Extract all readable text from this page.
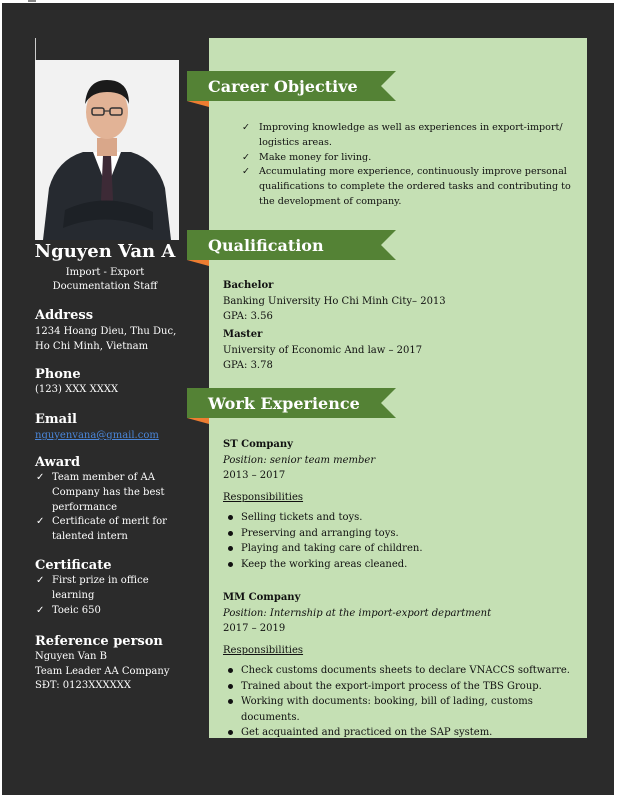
Nguyen Van A
Import - Export
Documentation Staff
Address
1234 Hoang Dieu, Thu Duc,
Ho Chi Minh, Vietnam
Phone
(123) XXX XXXX
Email
nguyenvana@gmail.com
Award
✓ Team member of AA Company has the best performance
✓ Certificate of merit for talented intern
Certificate
✓ First prize in office learning
✓ Toeic 650
Reference person
Nguyen Van B
Team Leader AA Company
SĐT: 0123XXXXXX
Career Objective
✓ Improving knowledge as well as experiences in export-import/ logistics areas.
✓ Make money for living.
✓ Accumulating more experience, continuously improve personal qualifications to complete the ordered tasks and contributing to the development of company.
Qualification
Bachelor
Banking University Ho Chi Minh City– 2013
GPA: 3.56
Master
University of Economic And law – 2017
GPA: 3.78
Work Experience
ST Company
Position: senior team member
2013 – 2017
Responsibilities
Selling tickets and toys.
Preserving and arranging toys.
Playing and taking care of children.
Keep the working areas cleaned.
MM Company
Position: Internship at the import-export department
2017 – 2019
Responsibilities
Check customs documents sheets to declare VNACCS softwarre.
Trained about the export-import process of the TBS Group.
Working with documents: booking, bill of lading, customs documents.
Get acquainted and practiced on the SAP system.
